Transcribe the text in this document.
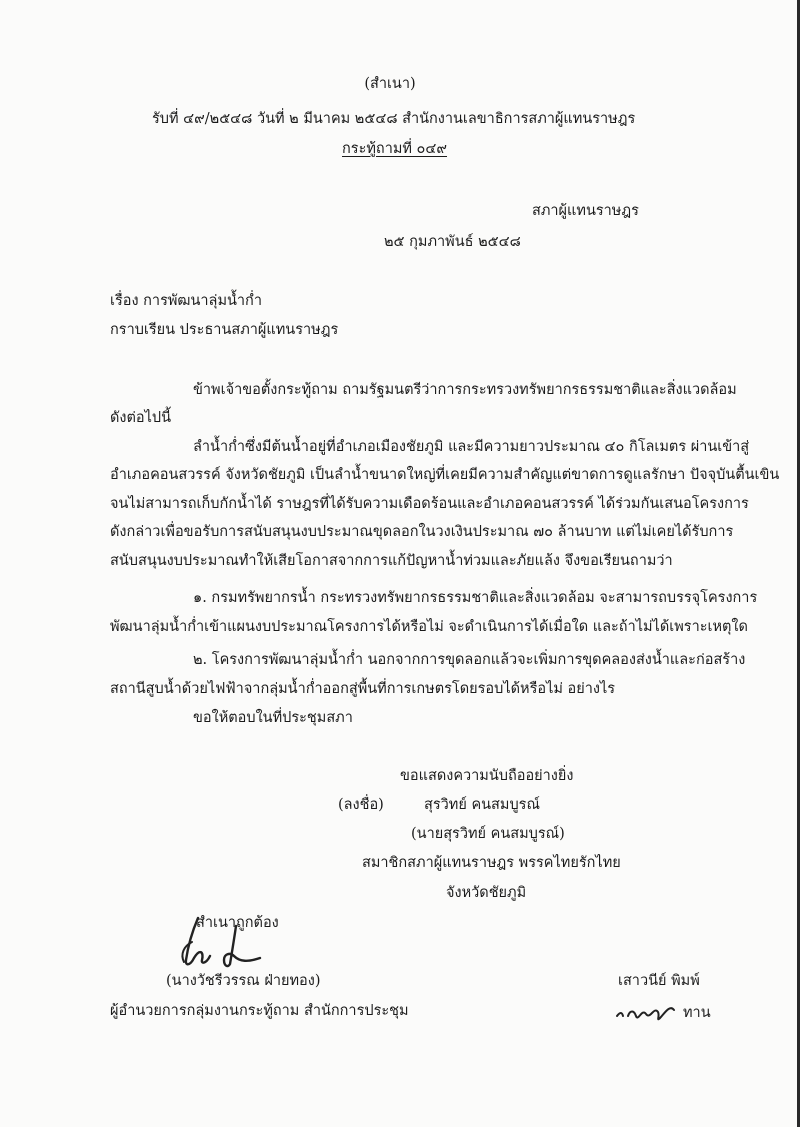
(สำเนา)
รับที่ ๔๙/๒๕๔๘ วันที่ ๒ มีนาคม ๒๕๔๘ สำนักงานเลขาธิการสภาผู้แทนราษฎร
กระทู้ถามที่ ๐๔๙
สภาผู้แทนราษฎร
๒๕ กุมภาพันธ์ ๒๕๔๘
เรื่อง การพัฒนาลุ่มน้ำก่ำ
กราบเรียน ประธานสภาผู้แทนราษฎร
ข้าพเจ้าขอตั้งกระทู้ถาม ถามรัฐมนตรีว่าการกระทรวงทรัพยากรธรรมชาติและสิ่งแวดล้อม
ดังต่อไปนี้
ลำน้ำก่ำซึ่งมีต้นน้ำอยู่ที่อำเภอเมืองชัยภูมิ และมีความยาวประมาณ ๔๐ กิโลเมตร ผ่านเข้าสู่
อำเภอคอนสวรรค์ จังหวัดชัยภูมิ เป็นลำน้ำขนาดใหญ่ที่เคยมีความสำคัญแต่ขาดการดูแลรักษา ปัจจุบันตื้นเขิน
จนไม่สามารถเก็บกักน้ำได้ ราษฎรที่ได้รับความเดือดร้อนและอำเภอคอนสวรรค์ ได้ร่วมกันเสนอโครงการ
ดังกล่าวเพื่อขอรับการสนับสนุนงบประมาณขุดลอกในวงเงินประมาณ ๗๐ ล้านบาท แต่ไม่เคยได้รับการ
สนับสนุนงบประมาณทำให้เสียโอกาสจากการแก้ปัญหาน้ำท่วมและภัยแล้ง จึงขอเรียนถามว่า
๑. กรมทรัพยากรน้ำ กระทรวงทรัพยากรธรรมชาติและสิ่งแวดล้อม จะสามารถบรรจุโครงการ
พัฒนาลุ่มน้ำก่ำเข้าแผนงบประมาณโครงการได้หรือไม่ จะดำเนินการได้เมื่อใด และถ้าไม่ได้เพราะเหตุใด
๒. โครงการพัฒนาลุ่มน้ำก่ำ นอกจากการขุดลอกแล้วจะเพิ่มการขุดคลองส่งน้ำและก่อสร้าง
สถานีสูบน้ำด้วยไฟฟ้าจากลุ่มน้ำก่ำออกสู่พื้นที่การเกษตรโดยรอบได้หรือไม่ อย่างไร
ขอให้ตอบในที่ประชุมสภา
ขอแสดงความนับถืออย่างยิ่ง
(ลงชื่อ)	สุรวิทย์ คนสมบูรณ์
(นายสุรวิทย์ คนสมบูรณ์)
สมาชิกสภาผู้แทนราษฎร พรรคไทยรักไทย
จังหวัดชัยภูมิ
สำเนาถูกต้อง
(นางวัชรีวรรณ ฝ่ายทอง)
ผู้อำนวยการกลุ่มงานกระทู้ถาม สำนักการประชุม
เสาวนีย์ พิมพ์
ทาน
